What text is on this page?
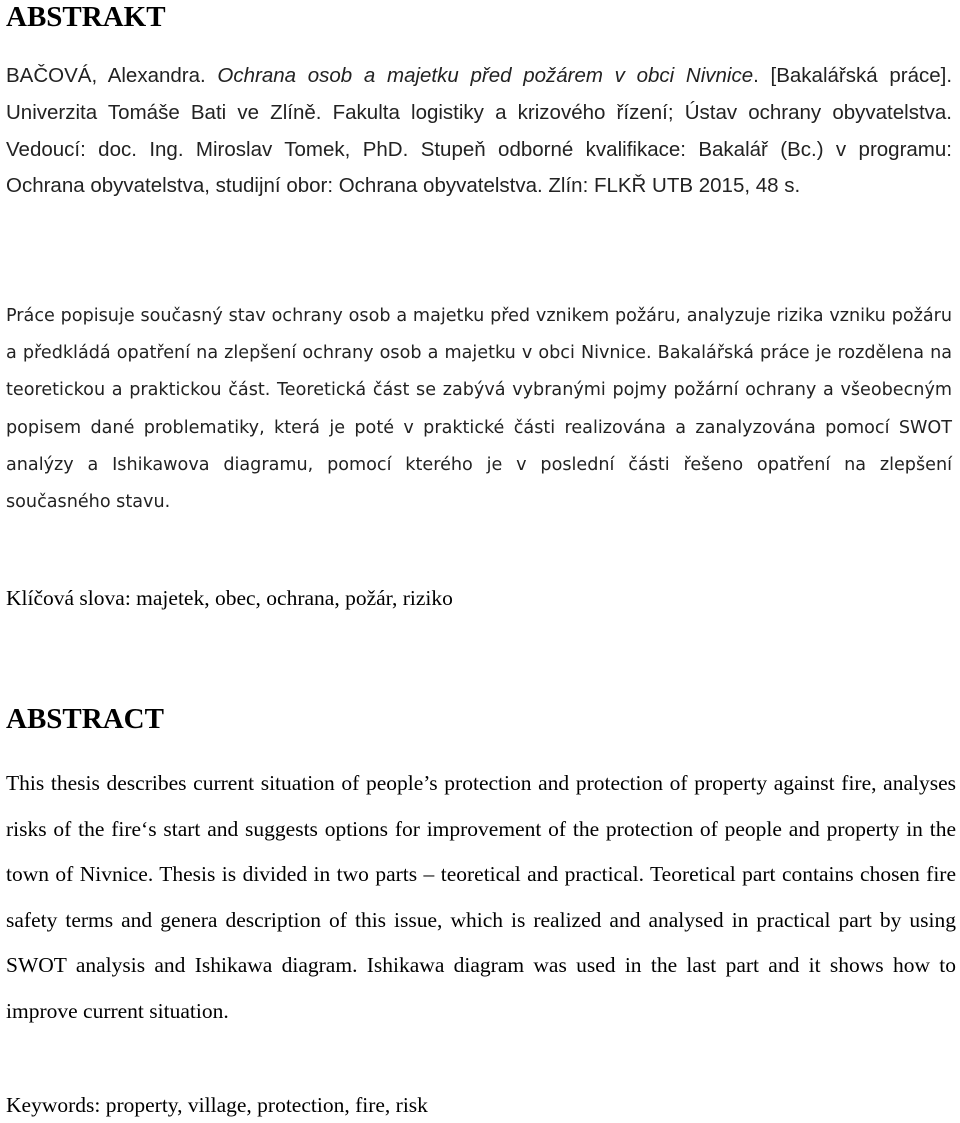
ABSTRAKT

BAČOVÁ, Alexandra. Ochrana osob a majetku před požárem v obci Nivnice. [Bakalářská práce]. Univerzita Tomáše Bati ve Zlíně. Fakulta logistiky a krizového řízení; Ústav ochrany obyvatelstva. Vedoucí: doc. Ing. Miroslav Tomek, PhD. Stupeň odborné kvalifikace: Bakalář (Bc.) v programu: Ochrana obyvatelstva, studijní obor: Ochrana obyvatelstva. Zlín: FLKŘ UTB 2015, 48 s.

Práce popisuje současný stav ochrany osob a majetku před vznikem požáru, analyzuje rizika vzniku požáru a předkládá opatření na zlepšení ochrany osob a majetku v obci Nivnice. Bakalářská práce je rozdělena na teoretickou a praktickou část. Teoretická část se zabývá vybranými pojmy požární ochrany a všeobecným popisem dané problematiky, která je poté v praktické části realizována a zanalyzována pomocí SWOT analýzy a Ishikawova diagramu, pomocí kterého je v poslední části řešeno opatření na zlepšení současného stavu.

Klíčová slova: majetek, obec, ochrana, požár, riziko

ABSTRACT

This thesis describes current situation of people’s protection and protection of property against fire, analyses risks of the fire‘s start and suggests options for improvement of the protection of people and property in the town of Nivnice. Thesis is divided in two parts – teoretical and practical. Teoretical part contains chosen fire safety terms and genera description of this issue, which is realized and analysed in practical part by using SWOT analysis and Ishikawa diagram. Ishikawa diagram was used in the last part and it shows how to improve current situation.

Keywords: property, village, protection, fire, risk
